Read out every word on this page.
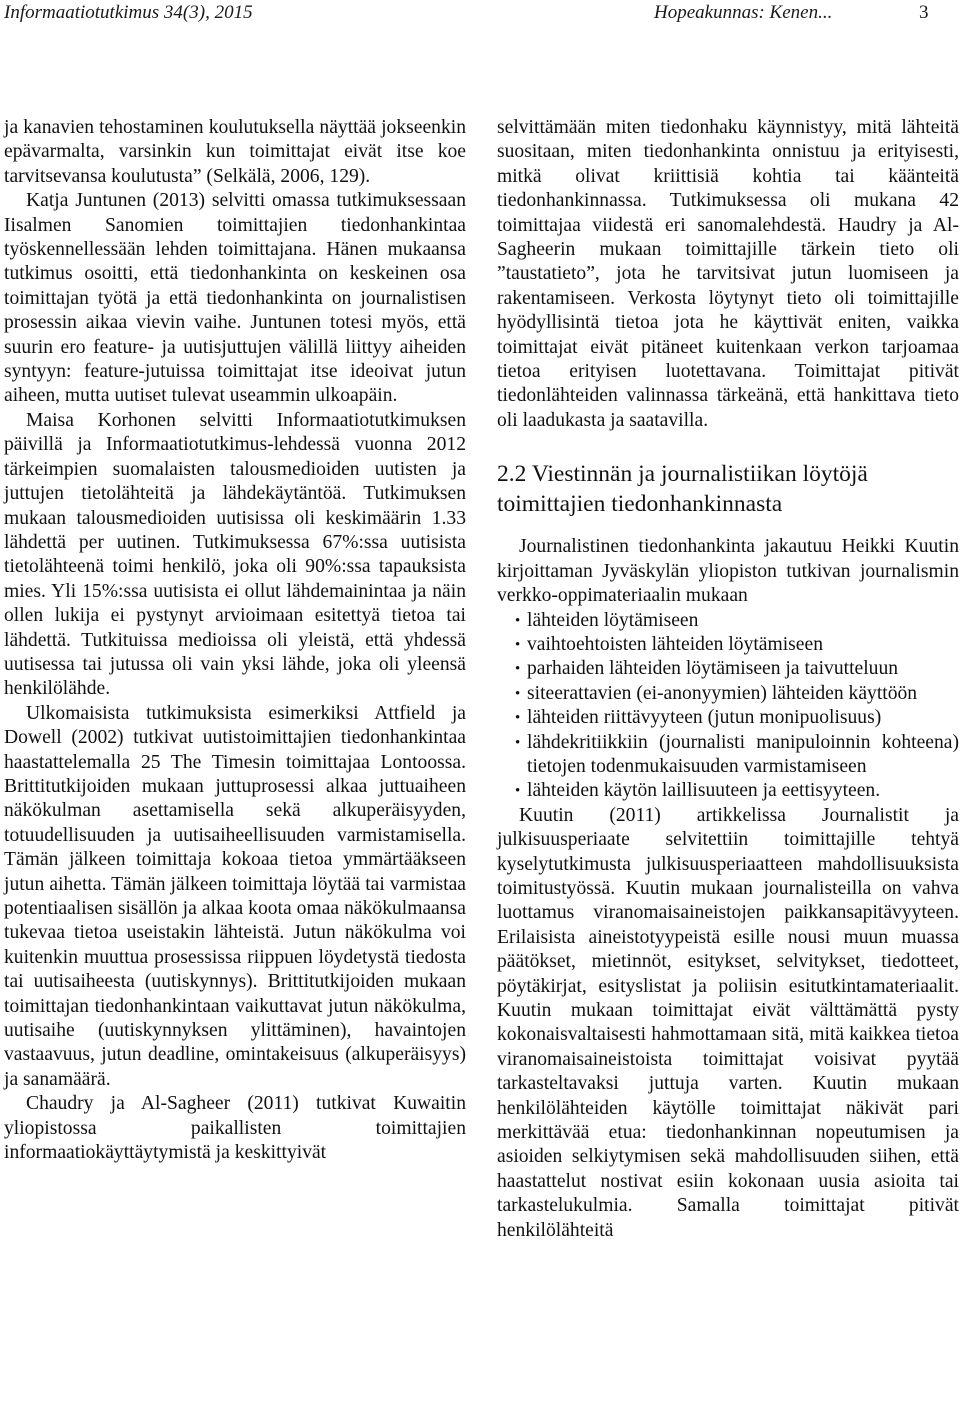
Informaatiotutkimus 34(3), 2015	Hopeakunnas: Kenen...	3

ja kanavien tehostaminen koulutuksella näyttää jokseenkin epävarmalta, varsinkin kun toimittajat eivät itse koe tarvitsevansa koulutusta” (Selkälä, 2006, 129).

Katja Juntunen (2013) selvitti omassa tutkimuksessaan Iisalmen Sanomien toimittajien tiedonhankintaa työskennellessään lehden toimittajana. Hänen mukaansa tutkimus osoitti, että tiedonhankinta on keskeinen osa toimittajan työtä ja että tiedonhankinta on journalistisen prosessin aikaa vievin vaihe. Juntunen totesi myös, että suurin ero feature- ja uutisjuttujen välillä liittyy aiheiden syntyyn: feature-jutuissa toimittajat itse ideoivat jutun aiheen, mutta uutiset tulevat useammin ulkoapäin.

Maisa Korhonen selvitti Informaatiotutkimuksen päivillä ja Informaatiotutkimus-lehdessä vuonna 2012 tärkeimpien suomalaisten talousmedioiden uutisten ja juttujen tietolähteitä ja lähdekäytäntöä. Tutkimuksen mukaan talousmedioiden uutisissa oli keskimäärin 1.33 lähdettä per uutinen. Tutkimuksessa 67%:ssa uutisista tietolähteenä toimi henkilö, joka oli 90%:ssa tapauksista mies. Yli 15%:ssa uutisista ei ollut lähdemainintaa ja näin ollen lukija ei pystynyt arvioimaan esitettyä tietoa tai lähdettä. Tutkituissa medioissa oli yleistä, että yhdessä uutisessa tai jutussa oli vain yksi lähde, joka oli yleensä henkilölähde.

Ulkomaisista tutkimuksista esimerkiksi Attfield ja Dowell (2002) tutkivat uutistoimittajien tiedonhankintaa haastattelemalla 25 The Timesin toimittajaa Lontoossa. Brittitutkijoiden mukaan juttuprosessi alkaa juttuaiheen näkökulman asettamisella sekä alkuperäisyyden, totuudellisuuden ja uutisaiheellisuuden varmistamisella. Tämän jälkeen toimittaja kokoaa tietoa ymmärtääkseen jutun aihetta. Tämän jälkeen toimittaja löytää tai varmistaa potentiaalisen sisällön ja alkaa koota omaa näkökulmaansa tukevaa tietoa useistakin lähteistä. Jutun näkökulma voi kuitenkin muuttua prosessissa riippuen löydetystä tiedosta tai uutisaiheesta (uutiskynnys). Brittitutkijoiden mukaan toimittajan tiedonhankintaan vaikuttavat jutun näkökulma, uutisaihe (uutiskynnyksen ylittäminen), havaintojen vastaavuus, jutun deadline, omintakeisuus (alkuperäisyys) ja sanamäärä.

Chaudry ja Al-Sagheer (2011) tutkivat Kuwaitin yliopistossa paikallisten toimittajien informaatiokäyttäytymistä ja keskittyivät

selvittämään miten tiedonhaku käynnistyy, mitä lähteitä suositaan, miten tiedonhankinta onnistuu ja erityisesti, mitkä olivat kriittisiä kohtia tai käänteitä tiedonhankinnassa. Tutkimuksessa oli mukana 42 toimittajaa viidestä eri sanomalehdestä. Haudry ja Al-Sagheerin mukaan toimittajille tärkein tieto oli ”taustatieto”, jota he tarvitsivat jutun luomiseen ja rakentamiseen. Verkosta löytynyt tieto oli toimittajille hyödyllisintä tietoa jota he käyttivät eniten, vaikka toimittajat eivät pitäneet kuitenkaan verkon tarjoamaa tietoa erityisen luotettavana. Toimittajat pitivät tiedonlähteiden valinnassa tärkeänä, että hankittava tieto oli laadukasta ja saatavilla.

2.2 Viestinnän ja journalistiikan löytöjä toimittajien tiedonhankinnasta

Journalistinen tiedonhankinta jakautuu Heikki Kuutin kirjoittaman Jyväskylän yliopiston tutkivan journalismin verkko-oppimateriaalin mukaan

• lähteiden löytämiseen
• vaihtoehtoisten lähteiden löytämiseen
• parhaiden lähteiden löytämiseen ja taivutteluun
• siteerattavien (ei-anonyymien) lähteiden käyttöön
• lähteiden riittävyyteen (jutun monipuolisuus)
• lähdekritiikkiin (journalisti manipuloinnin kohteena) tietojen todenmukaisuuden varmistamiseen
• lähteiden käytön laillisuuteen ja eettisyyteen.

Kuutin (2011) artikkelissa Journalistit ja julkisuusperiaate selvitettiin toimittajille tehtyä kyselytutkimusta julkisuusperiaatteen mahdollisuuksista toimitustyössä. Kuutin mukaan journalisteilla on vahva luottamus viranomaisaineistojen paikkansapitävyyteen. Erilaisista aineistotyypeistä esille nousi muun muassa päätökset, mietinnöt, esitykset, selvitykset, tiedotteet, pöytäkirjat, esityslistat ja poliisin esitutkintamateriaalit. Kuutin mukaan toimittajat eivät välttämättä pysty kokonaisvaltaisesti hahmottamaan sitä, mitä kaikkea tietoa viranomaisaineistoista toimittajat voisivat pyytää tarkasteltavaksi juttuja varten. Kuutin mukaan henkilölähteiden käytölle toimittajat näkivät pari merkittävää etua: tiedonhankinnan nopeutumisen ja asioiden selkiytymisen sekä mahdollisuuden siihen, että haastattelut nostivat esiin kokonaan uusia asioita tai tarkastelukulmia. Samalla toimittajat pitivät henkilölähteitä
